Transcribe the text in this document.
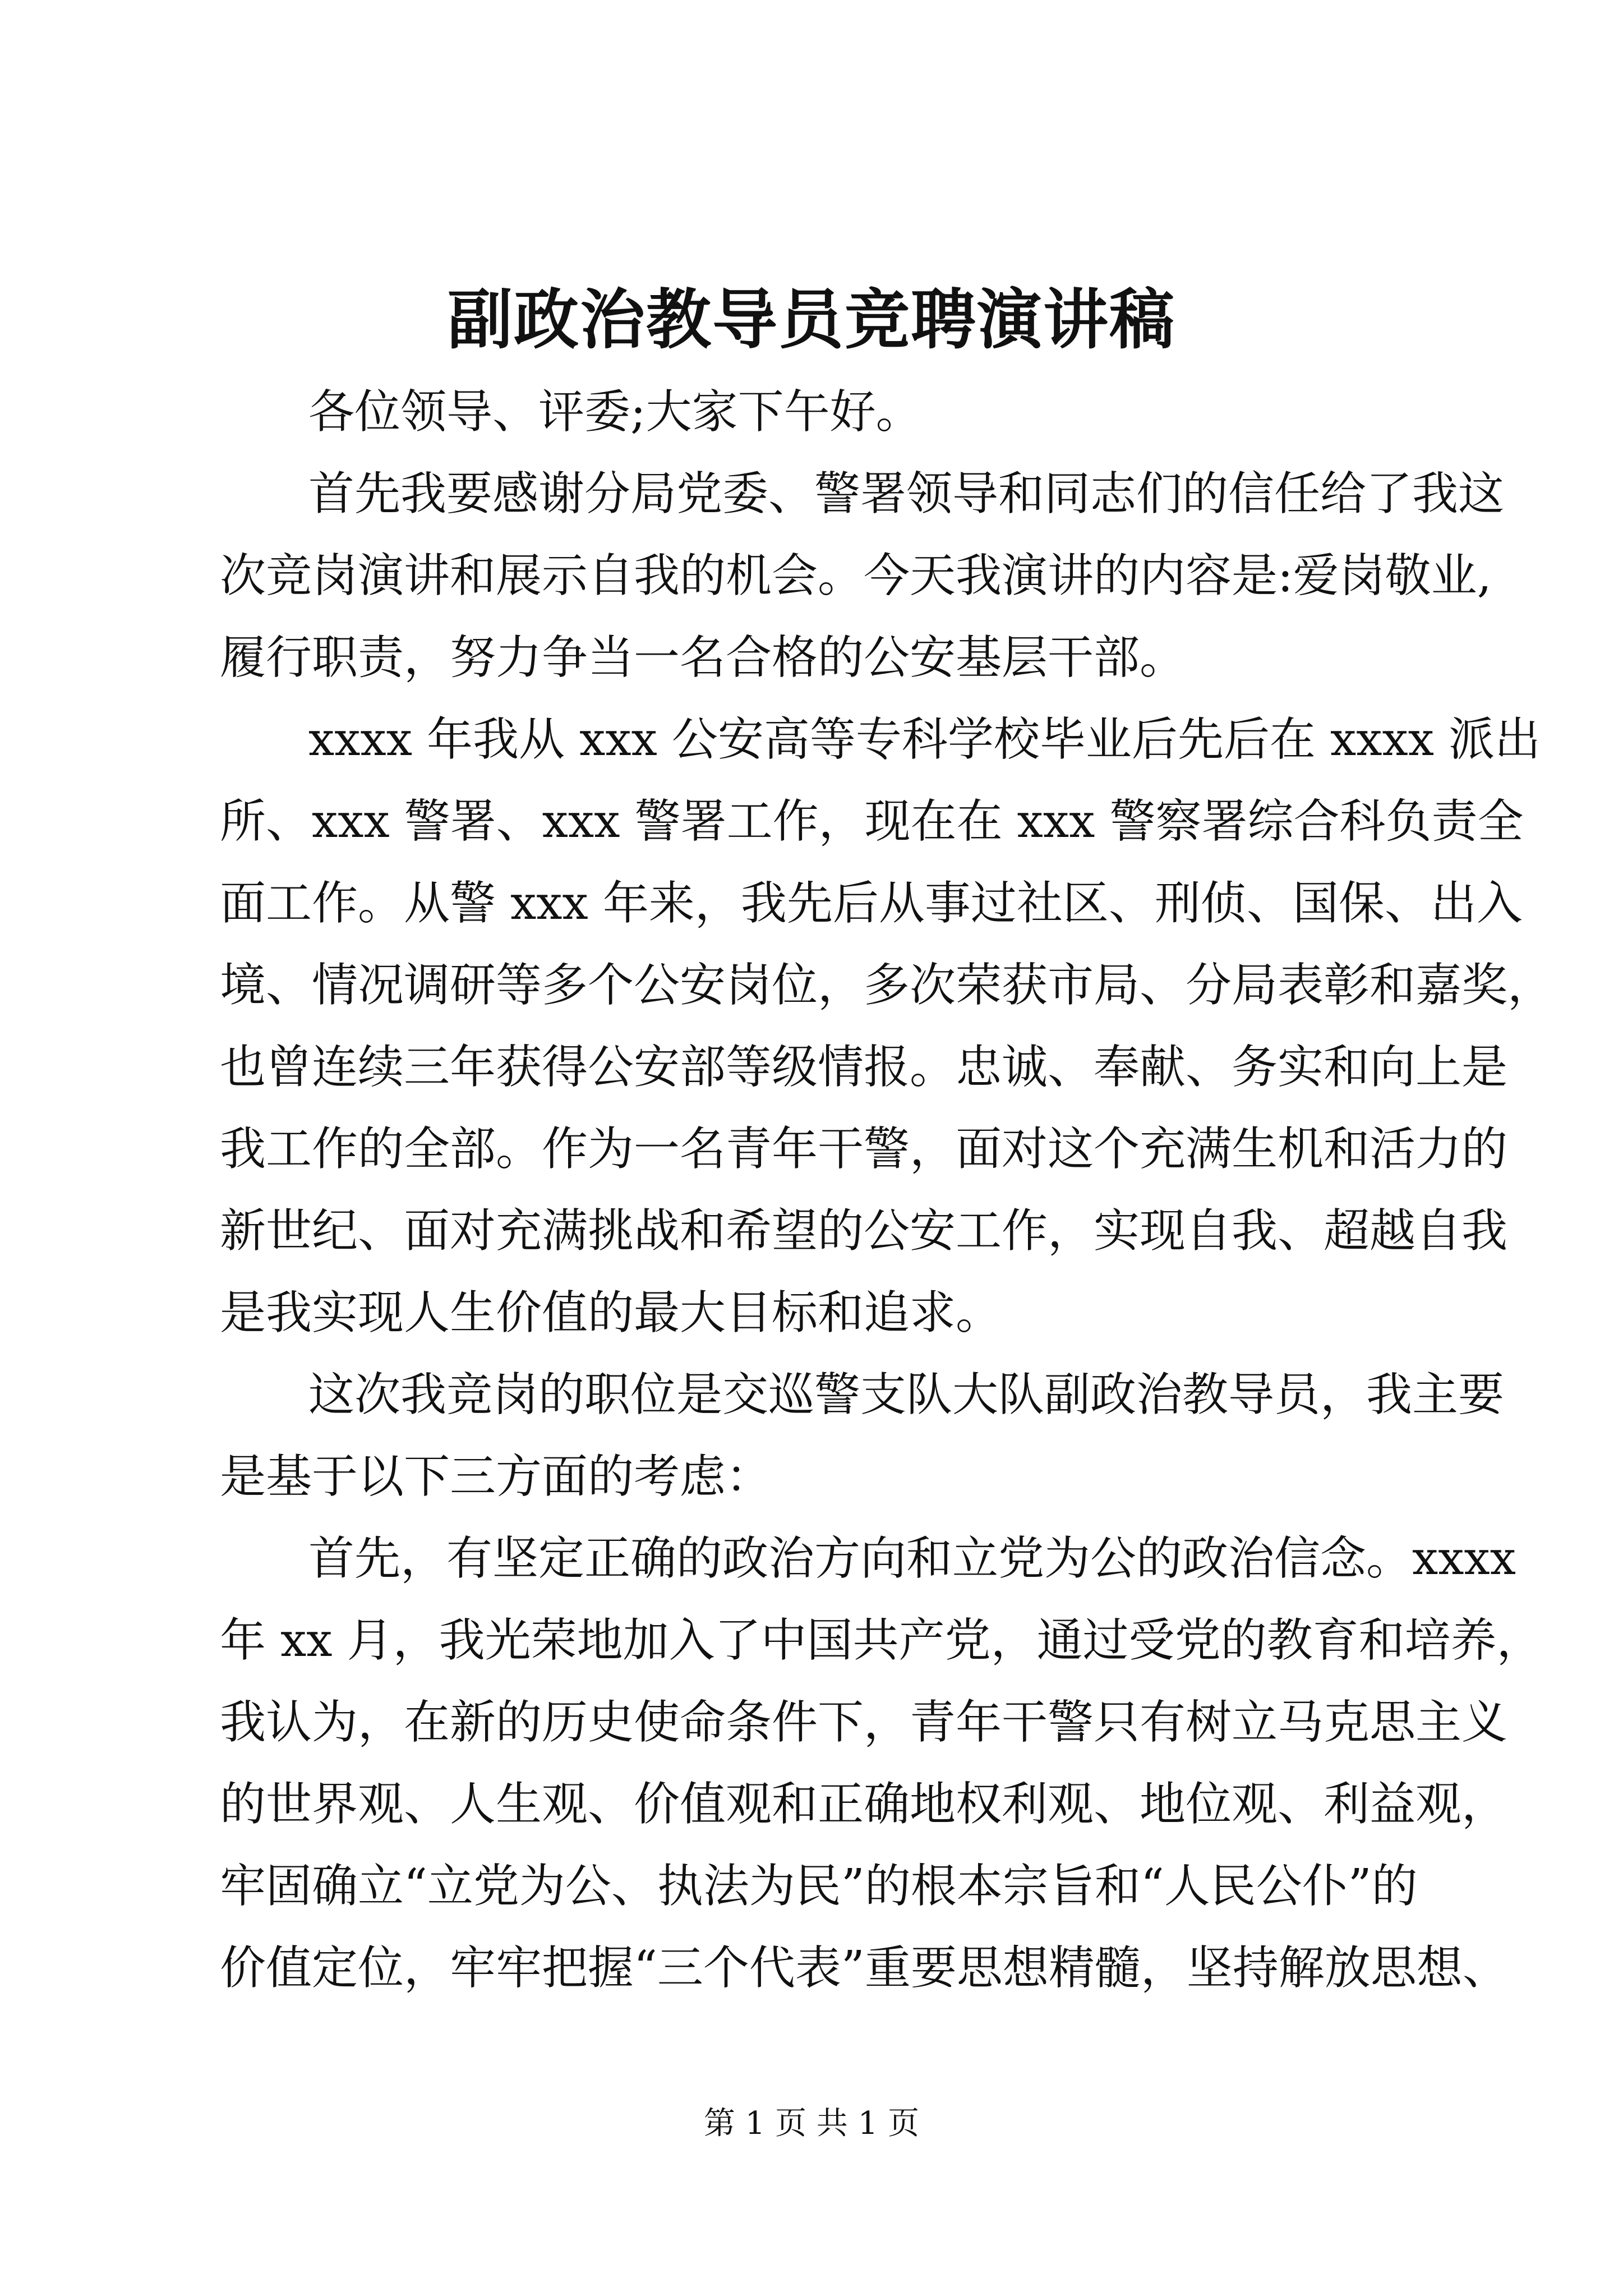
副政治教导员竞聘演讲稿
各位领导、评委;大家下午好。
首先我要感谢分局党委、警署领导和同志们的信任给了我这
次竞岗演讲和展示自我的机会。今天我演讲的内容是:爱岗敬业,
履行职责，努力争当一名合格的公安基层干部。
xxxx 年我从 xxx 公安高等专科学校毕业后先后在 xxxx 派出
所、xxx 警署、xxx 警署工作，现在在 xxx 警察署综合科负责全
面工作。从警 xxx 年来，我先后从事过社区、刑侦、国保、出入
境、情况调研等多个公安岗位，多次荣获市局、分局表彰和嘉奖，
也曾连续三年获得公安部等级情报。忠诚、奉献、务实和向上是
我工作的全部。作为一名青年干警，面对这个充满生机和活力的
新世纪、面对充满挑战和希望的公安工作，实现自我、超越自我
是我实现人生价值的最大目标和追求。
这次我竞岗的职位是交巡警支队大队副政治教导员，我主要
是基于以下三方面的考虑：
首先，有坚定正确的政治方向和立党为公的政治信念。xxxx
年 xx 月，我光荣地加入了中国共产党，通过受党的教育和培养，
我认为，在新的历史使命条件下，青年干警只有树立马克思主义
的世界观、人生观、价值观和正确地权利观、地位观、利益观，
牢固确立“立党为公、执法为民”的根本宗旨和“人民公仆”的
价值定位，牢牢把握“三个代表”重要思想精髓，坚持解放思想、
第 1 页 共 1 页
